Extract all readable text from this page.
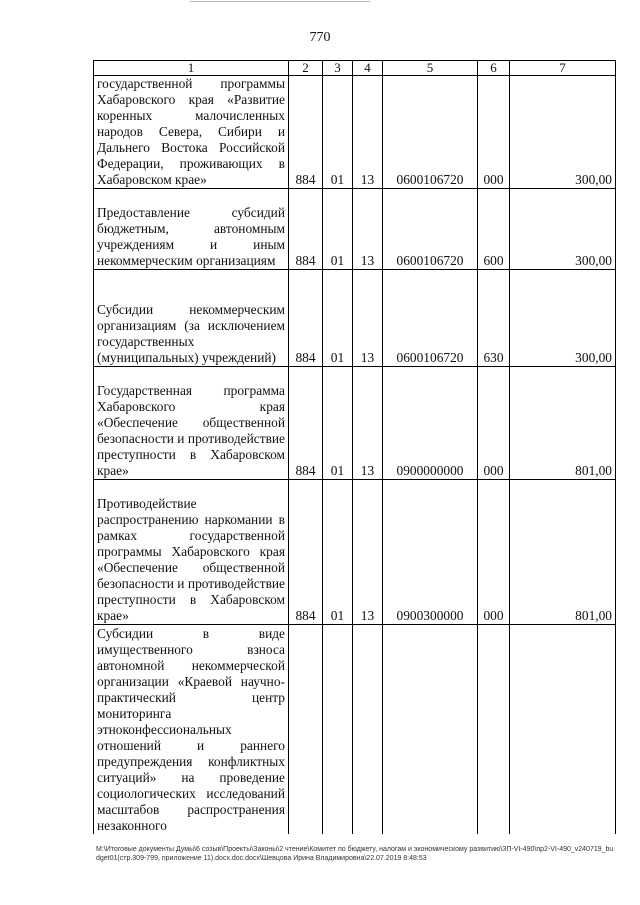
770
1	2	3	4	5	6	7
государственной программы Хабаровского края «Развитие коренных малочисленных народов Севера, Сибири и Дальнего Востока Российской Федерации, проживающих в Хабаровском крае»	884	01	13	0600106720	000	300,00
Предоставление субсидий бюджетным, автономным учреждениям и иным некоммерческим организациям	884	01	13	0600106720	600	300,00
Субсидии некоммерческим организациям (за исключением государственных (муниципальных) учреждений)	884	01	13	0600106720	630	300,00
Государственная программа Хабаровского края «Обеспечение общественной безопасности и противодействие преступности в Хабаровском крае»	884	01	13	0900000000	000	801,00
Противодействие распространению наркомании в рамках государственной программы Хабаровского края «Обеспечение общественной безопасности и противодействие преступности в Хабаровском крае»	884	01	13	0900300000	000	801,00
Субсидии в виде имущественного взноса автономной некоммерческой организации «Краевой научно-практический центр мониторинга этноконфессиональных отношений и раннего предупреждения конфликтных ситуаций» на проведение социологических исследований масштабов распространения незаконного						
М:\Итоговые документы Думы\6 созыв\Проекты\Законы\2 чтение\Комитет по бюджету, налогам и экономическому развитию\ЗП-VI-490\пр2-VI-490_v240719_budget01(стр.309-799, приложение 11).docx.doc.docx\Шевцова Ирина Владимировна\22.07.2019 8:48:53
